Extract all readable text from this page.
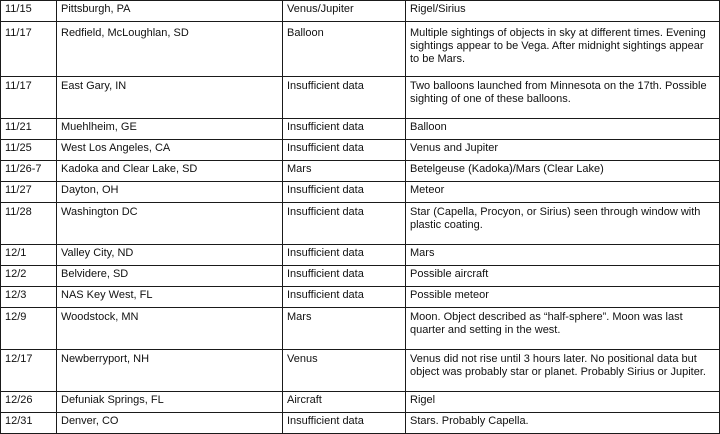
11/15	Pittsburgh, PA	Venus/Jupiter	Rigel/Sirius
11/17	Redfield, McLoughlan, SD	Balloon	Multiple sightings of objects in sky at different times. Evening sightings appear to be Vega. After midnight sightings appear to be Mars.
11/17	East Gary, IN	Insufficient data	Two balloons launched from Minnesota on the 17th. Possible sighting of one of these balloons.
11/21	Muehlheim, GE	Insufficient data	Balloon
11/25	West Los Angeles, CA	Insufficient data	Venus and Jupiter
11/26-7	Kadoka and Clear Lake, SD	Mars	Betelgeuse (Kadoka)/Mars (Clear Lake)
11/27	Dayton, OH	Insufficient data	Meteor
11/28	Washington DC	Insufficient data	Star (Capella, Procyon, or Sirius) seen through window with plastic coating.
12/1	Valley City, ND	Insufficient data	Mars
12/2	Belvidere, SD	Insufficient data	Possible aircraft
12/3	NAS Key West, FL	Insufficient data	Possible meteor
12/9	Woodstock, MN	Mars	Moon. Object described as “half-sphere”. Moon was last quarter and setting in the west.
12/17	Newberryport, NH	Venus	Venus did not rise until 3 hours later. No positional data but object was probably star or planet. Probably Sirius or Jupiter.
12/26	Defuniak Springs, FL	Aircraft	Rigel
12/31	Denver, CO	Insufficient data	Stars. Probably Capella.
